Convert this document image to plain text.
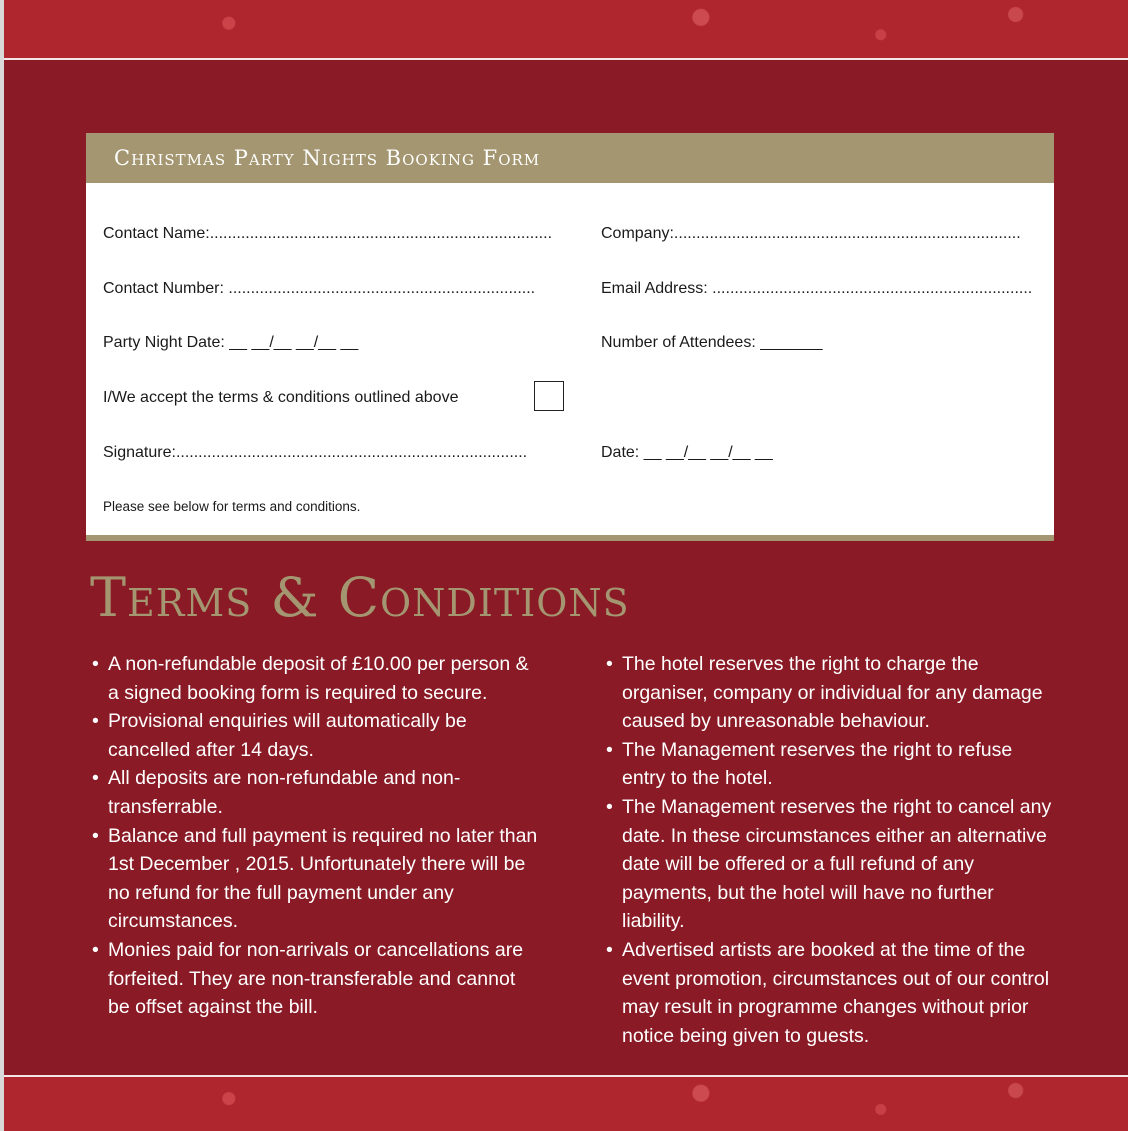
Christmas Party Nights Booking Form
Contact Name:.............................................................................	Company:..............................................................................
Contact Number: .....................................................................	Email Address: ........................................................................
Party Night Date: __ __/__ __/__ __	Number of Attendees: _______
I/We accept the terms & conditions outlined above
Signature:...............................................................................	Date: __ __/__ __/__ __
Please see below for terms and conditions.
Terms & Conditions
• A non-refundable deposit of £10.00 per person & a signed booking form is required to secure.
• Provisional enquiries will automatically be cancelled after 14 days.
• All deposits are non-refundable and non-transferrable.
• Balance and full payment is required no later than 1st December , 2015. Unfortunately there will be no refund for the full payment under any circumstances.
• Monies paid for non-arrivals or cancellations are forfeited. They are non-transferable and cannot be offset against the bill.
• The hotel reserves the right to charge the organiser, company or individual for any damage caused by unreasonable behaviour.
• The Management reserves the right to refuse entry to the hotel.
• The Management reserves the right to cancel any date. In these circumstances either an alternative date will be offered or a full refund of any payments, but the hotel will have no further liability.
• Advertised artists are booked at the time of the event promotion, circumstances out of our control may result in programme changes without prior notice being given to guests.
